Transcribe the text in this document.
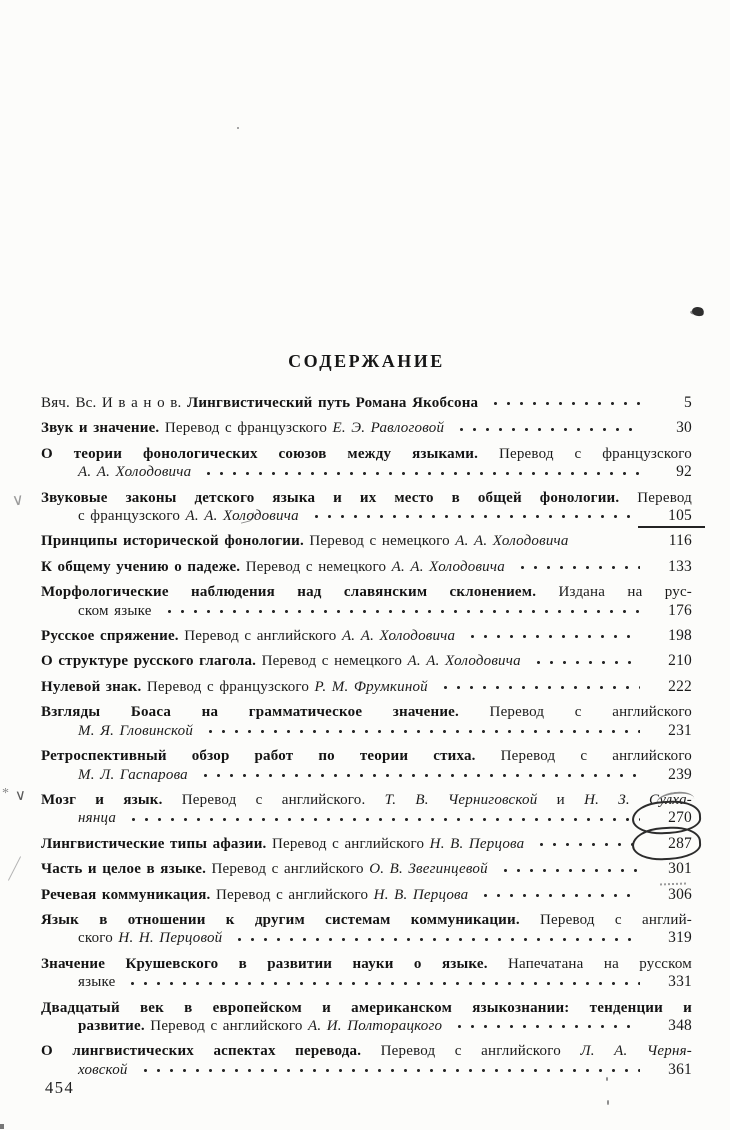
∨
* ∨
СОДЕРЖАНИЕ
Вяч. Вс. И в а н о в. Лингвистический путь Романа Якобсона	5
Звук и значение. Перевод с французского Е. Э. Равлоговой	30
О теории фонологических союзов между языками. Перевод с французского
А. А. Холодовича	92
Звуковые законы детского языка и их место в общей фонологии. Перевод
с французского А. А. Холодовича	105
Принципы исторической фонологии. Перевод с немецкого А. А. Холодовича	116
К общему учению о падеже. Перевод с немецкого А. А. Холодовича	133
Морфологические наблюдения над славянским склонением. Издана на рус-
ском языке	176
Русское спряжение. Перевод с английского А. А. Холодовича	198
О структуре русского глагола. Перевод с немецкого А. А. Холодовича	210
Нулевой знак. Перевод с французского Р. М. Фрумкиной	222
Взгляды Боаса на грамматическое значение. Перевод с английского
М. Я. Гловинской	231
Ретроспективный обзор работ по теории стиха. Перевод с английского
М. Л. Гаспарова	239
Мозг и язык. Перевод с английского. Т. В. Черниговской и Н. З. Сулха-
нянца	270
Лингвистические типы афазии. Перевод с английского Н. В. Перцова	287
Часть и целое в языке. Перевод с английского О. В. Звегинцевой	301
Речевая коммуникация. Перевод с английского Н. В. Перцова	306
Язык в отношении к другим системам коммуникации. Перевод с англий-
ского Н. Н. Перцовой	319
Значение Крушевского в развитии науки о языке. Напечатана на русском
языке	331
Двадцатый век в европейском и американском языкознании: тенденции и
развитие. Перевод с английского А. И. Полторацкого	348
О лингвистических аспектах перевода. Перевод с английского Л. А. Черня-
ховской	361
454
